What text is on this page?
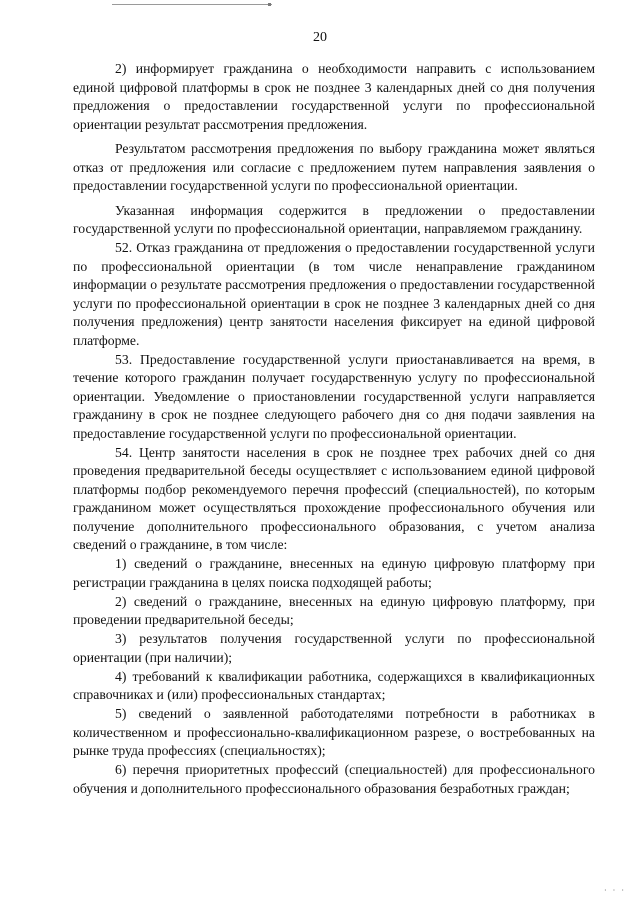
20

2) информирует гражданина о необходимости направить с использованием единой цифровой платформы в срок не позднее 3 календарных дней со дня получения предложения о предоставлении государственной услуги по профессиональной ориентации результат рассмотрения предложения.

Результатом рассмотрения предложения по выбору гражданина может являться отказ от предложения или согласие с предложением путем направления заявления о предоставлении государственной услуги по профессиональной ориентации.

Указанная информация содержится в предложении о предоставлении государственной услуги по профессиональной ориентации, направляемом гражданину.

52. Отказ гражданина от предложения о предоставлении государственной услуги по профессиональной ориентации (в том числе ненаправление гражданином информации о результате рассмотрения предложения о предоставлении государственной услуги по профессиональной ориентации в срок не позднее 3 календарных дней со дня получения предложения) центр занятости населения фиксирует на единой цифровой платформе.

53. Предоставление государственной услуги приостанавливается на время, в течение которого гражданин получает государственную услугу по профессиональной ориентации. Уведомление о приостановлении государственной услуги направляется гражданину в срок не позднее следующего рабочего дня со дня подачи заявления на предоставление государственной услуги по профессиональной ориентации.

54. Центр занятости населения в срок не позднее трех рабочих дней со дня проведения предварительной беседы осуществляет с использованием единой цифровой платформы подбор рекомендуемого перечня профессий (специальностей), по которым гражданином может осуществляться прохождение профессионального обучения или получение дополнительного профессионального образования, с учетом анализа сведений о гражданине, в том числе:

1) сведений о гражданине, внесенных на единую цифровую платформу при регистрации гражданина в целях поиска подходящей работы;

2) сведений о гражданине, внесенных на единую цифровую платформу, при проведении предварительной беседы;

3) результатов получения государственной услуги по профессиональной ориентации (при наличии);

4) требований к квалификации работника, содержащихся в квалификационных справочниках и (или) профессиональных стандартах;

5) сведений о заявленной работодателями потребности в работниках в количественном и профессионально-квалификационном разрезе, о востребованных на рынке труда профессиях (специальностях);

6) перечня приоритетных профессий (специальностей) для профессионального обучения и дополнительного профессионального образования безработных граждан;

· · ·
